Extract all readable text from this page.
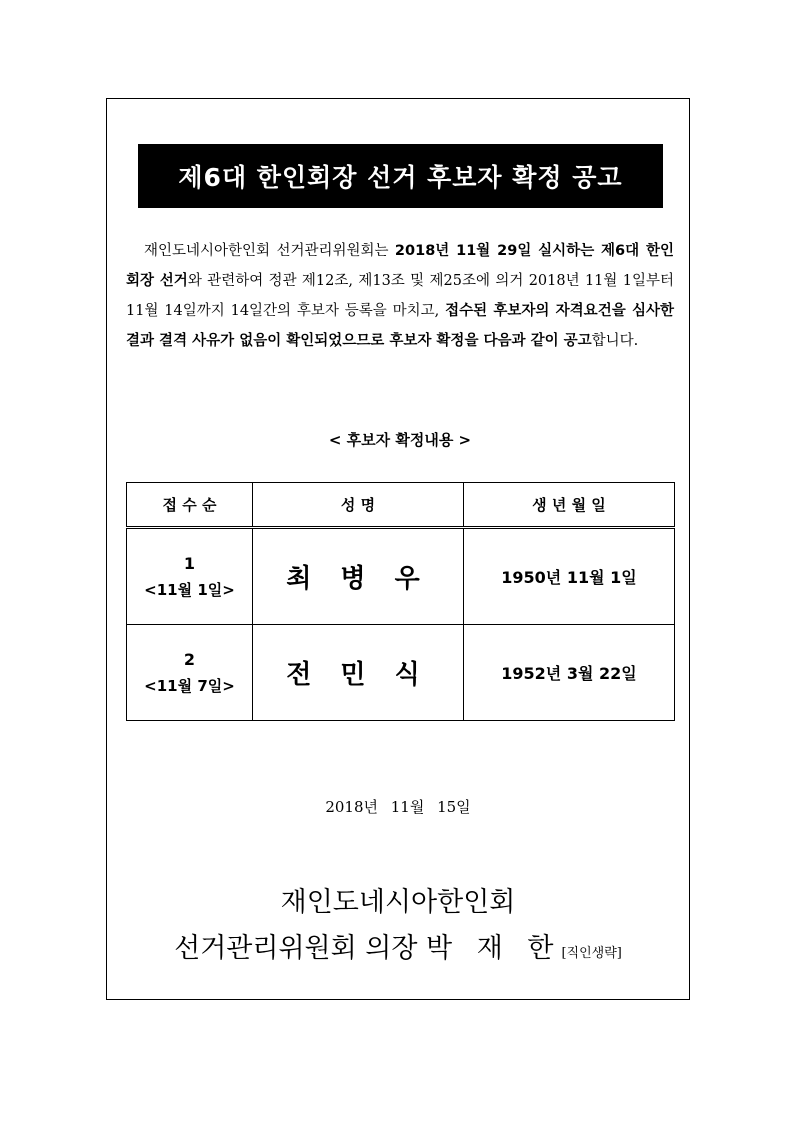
제6대 한인회장 선거 후보자 확정 공고

재인도네시아한인회 선거관리위원회는 2018년 11월 29일 실시하는 제6대 한인회장 선거와 관련하여 정관 제12조, 제13조 및 제25조에 의거 2018년 11월 1일부터 11월 14일까지 14일간의 후보자 등록을 마치고, 접수된 후보자의 자격요건을 심사한 결과 결격 사유가 없음이 확인되었으므로 후보자 확정을 다음과 같이 공고합니다.

< 후보자 확정내용 >
접 수 순	성 명	생 년 월 일

1
<11월 1일>	최 병 우	1950년 11월 1일

2
<11월 7일>	전 민 식	1952년 3월 22일
2018년 11월 15일
재인도네시아한인회
선거관리위원회 의장 박 재 한[직인생략]
